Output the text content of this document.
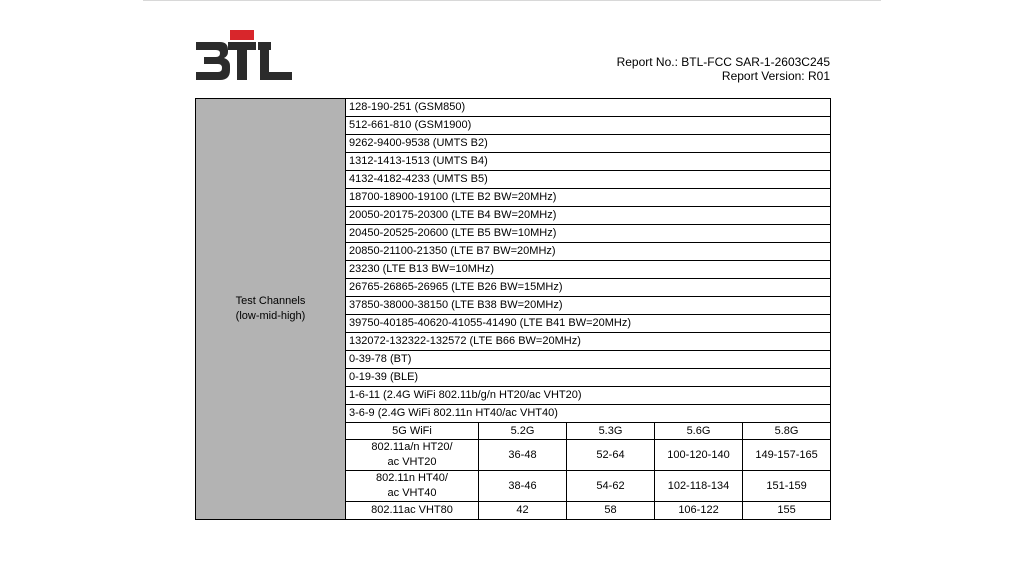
Report No.: BTL-FCC SAR-1-2603C245
Report Version: R01
Test Channels
(low-mid-high)	128-190-251 (GSM850)				
	512-661-810 (GSM1900)				
	9262-9400-9538 (UMTS B2)				
	1312-1413-1513 (UMTS B4)				
	4132-4182-4233 (UMTS B5)				
	18700-18900-19100 (LTE B2 BW=20MHz)				
	20050-20175-20300 (LTE B4 BW=20MHz)				
	20450-20525-20600 (LTE B5 BW=10MHz)				
	20850-21100-21350 (LTE B7 BW=20MHz)				
	23230 (LTE B13 BW=10MHz)				
	26765-26865-26965 (LTE B26 BW=15MHz)				
	37850-38000-38150 (LTE B38 BW=20MHz)				
	39750-40185-40620-41055-41490 (LTE B41 BW=20MHz)				
	132072-132322-132572 (LTE B66 BW=20MHz)				
	0-39-78 (BT)				
	0-19-39 (BLE)				
	1-6-11 (2.4G WiFi 802.11b/g/n HT20/ac VHT20)				
	3-6-9 (2.4G WiFi 802.11n HT40/ac VHT40)				
	5G WiFi	5.2G	5.3G	5.6G	5.8G

	802.11a/n HT20/
ac VHT20	36-48	52-64	100-120-140	149-157-165

	802.11n HT40/
ac VHT40	38-46	54-62	102-118-134	151-159

	802.11ac VHT80	42	58	106-122	155
